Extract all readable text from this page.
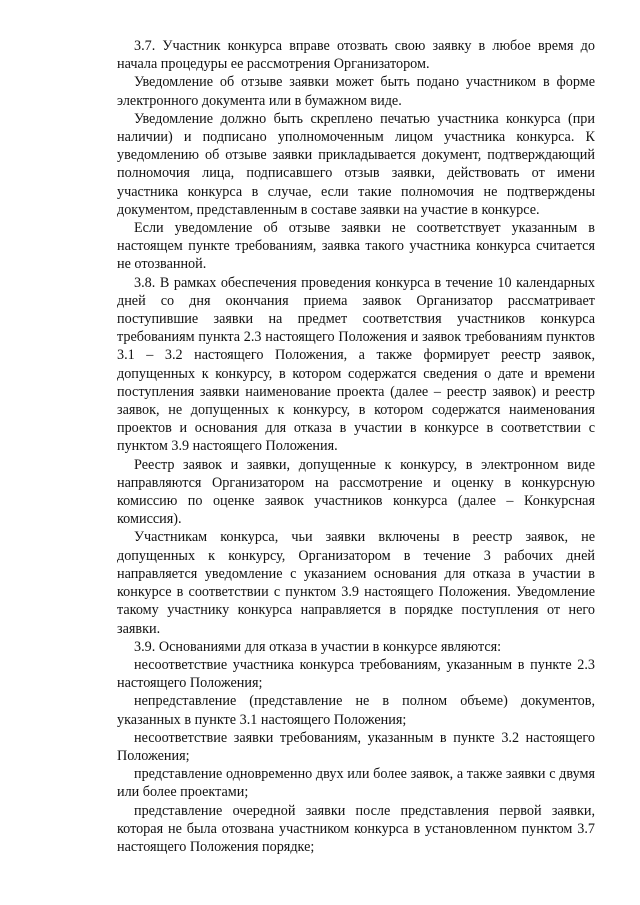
3.7. Участник конкурса вправе отозвать свою заявку в любое время до начала процедуры ее рассмотрения Организатором.

Уведомление об отзыве заявки может быть подано участником в форме электронного документа или в бумажном виде.

Уведомление должно быть скреплено печатью участника конкурса (при наличии) и подписано уполномоченным лицом участника конкурса. К уведомлению об отзыве заявки прикладывается документ, подтверждающий полномочия лица, подписавшего отзыв заявки, действовать от имени участника конкурса в случае, если такие полномочия не подтверждены документом, представленным в составе заявки на участие в конкурсе.

Если уведомление об отзыве заявки не соответствует указанным в настоящем пункте требованиям, заявка такого участника конкурса считается не отозванной.

3.8. В рамках обеспечения проведения конкурса в течение 10 календарных дней со дня окончания приема заявок Организатор рассматривает поступившие заявки на предмет соответствия участников конкурса требованиям пункта 2.3 настоящего Положения и заявок требованиям пунктов 3.1 – 3.2 настоящего Положения, а также формирует реестр заявок, допущенных к конкурсу, в котором содержатся сведения о дате и времени поступления заявки наименование проекта (далее – реестр заявок) и реестр заявок, не допущенных к конкурсу, в котором содержатся наименования проектов и основания для отказа в участии в конкурсе в соответствии с пунктом 3.9 настоящего Положения.

Реестр заявок и заявки, допущенные к конкурсу, в электронном виде направляются Организатором на рассмотрение и оценку в конкурсную комиссию по оценке заявок участников конкурса (далее – Конкурсная комиссия).

Участникам конкурса, чьи заявки включены в реестр заявок, не допущенных к конкурсу, Организатором в течение 3 рабочих дней направляется уведомление с указанием основания для отказа в участии в конкурсе в соответствии с пунктом 3.9 настоящего Положения. Уведомление такому участнику конкурса направляется в порядке поступления от него заявки.

3.9. Основаниями для отказа в участии в конкурсе являются:

несоответствие участника конкурса требованиям, указанным в пункте 2.3 настоящего Положения;

непредставление (представление не в полном объеме) документов, указанных в пункте 3.1 настоящего Положения;

несоответствие заявки требованиям, указанным в пункте 3.2 настоящего Положения;

представление одновременно двух или более заявок, а также заявки с двумя или более проектами;

представление очередной заявки после представления первой заявки, которая не была отозвана участником конкурса в установленном пунктом 3.7 настоящего Положения порядке;
